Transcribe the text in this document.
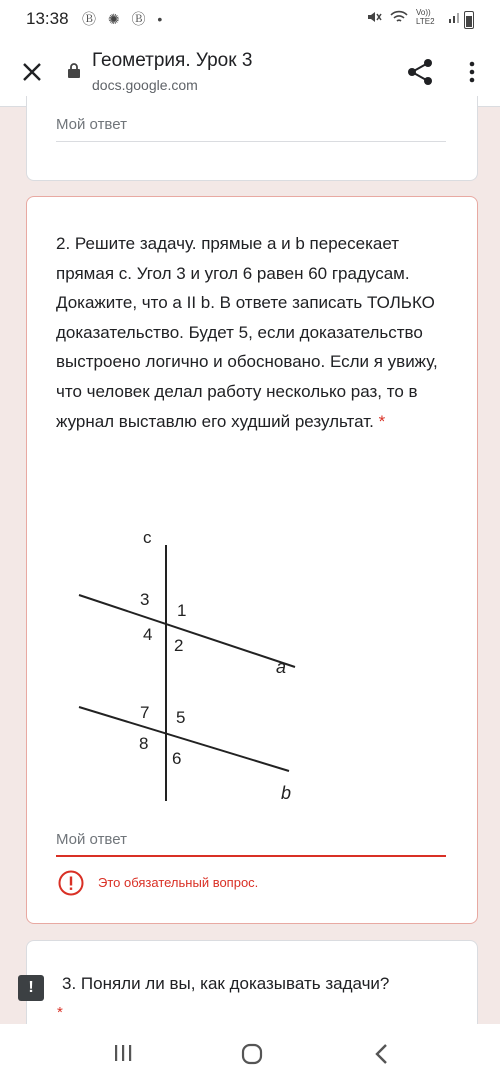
13:38 Ⓑ ✺ Ⓑ •	Vo)) LTE2
Геометрия. Урок 3
docs.google.com
Мой ответ
2. Решите задачу. прямые a и b пересекает прямая c. Угол 3 и угол 6 равен 60 градусам. Докажите, что a II b. В ответе записать ТОЛЬКО доказательство. Будет 5, если доказательство выстроено логично и обосновано. Если я увижу, что человек делал работу несколько раз, то в журнал выставлю его худший результат. *
c
3
1
4
2
a
7 5
8
6
b
Мой ответ
Это обязательный вопрос.
3. Поняли ли вы, как доказывать задачи?
*
!
